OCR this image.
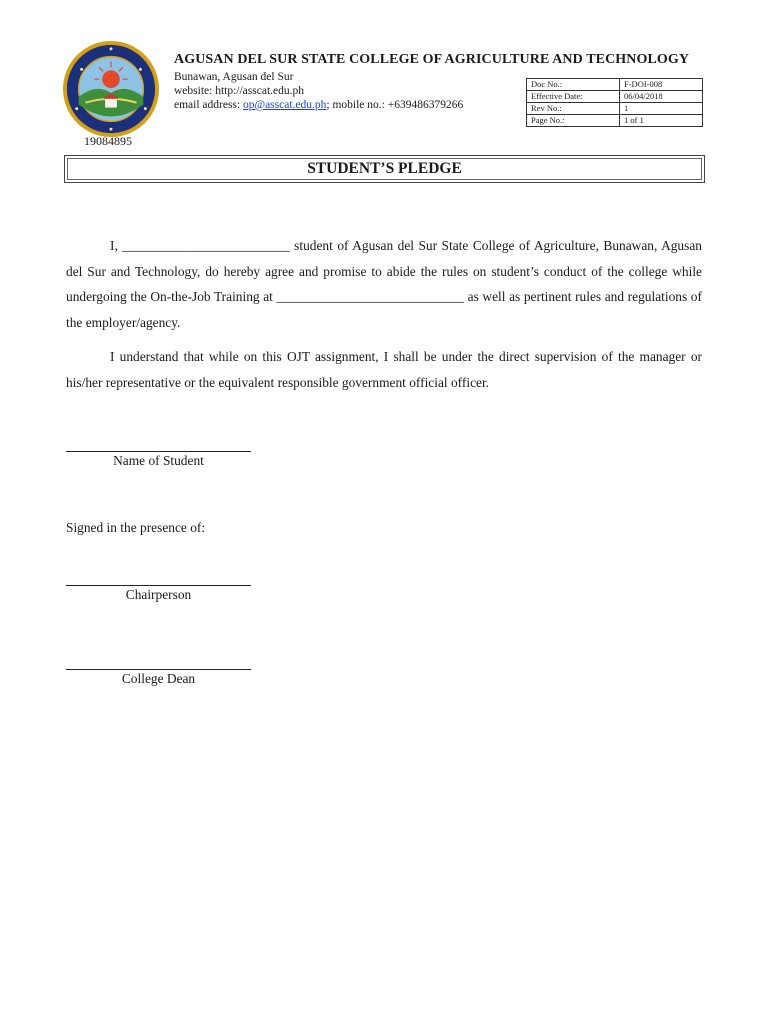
19084895
AGUSAN DEL SUR STATE COLLEGE OF AGRICULTURE AND TECHNOLOGY
Bunawan, Agusan del Sur
website: http://asscat.edu.ph
email address: op@asscat.edu.ph; mobile no.: +639486379266
Doc No.:	F-DOI-008
Effective Date:	06/04/2018
Rev No.:	1
Page No.:	1 of 1
STUDENT’S PLEDGE
I, _________________________ student of Agusan del Sur State College of Agriculture, Bunawan, Agusan del Sur and Technology, do hereby agree and promise to abide the rules on student’s conduct of the college while undergoing the On-the-Job Training at ____________________________ as well as pertinent rules and regulations of the employer/agency.
I understand that while on this OJT assignment, I shall be under the direct supervision of the manager or his/her representative or the equivalent responsible government official officer.
Name of Student
Signed in the presence of:
Chairperson
College Dean
